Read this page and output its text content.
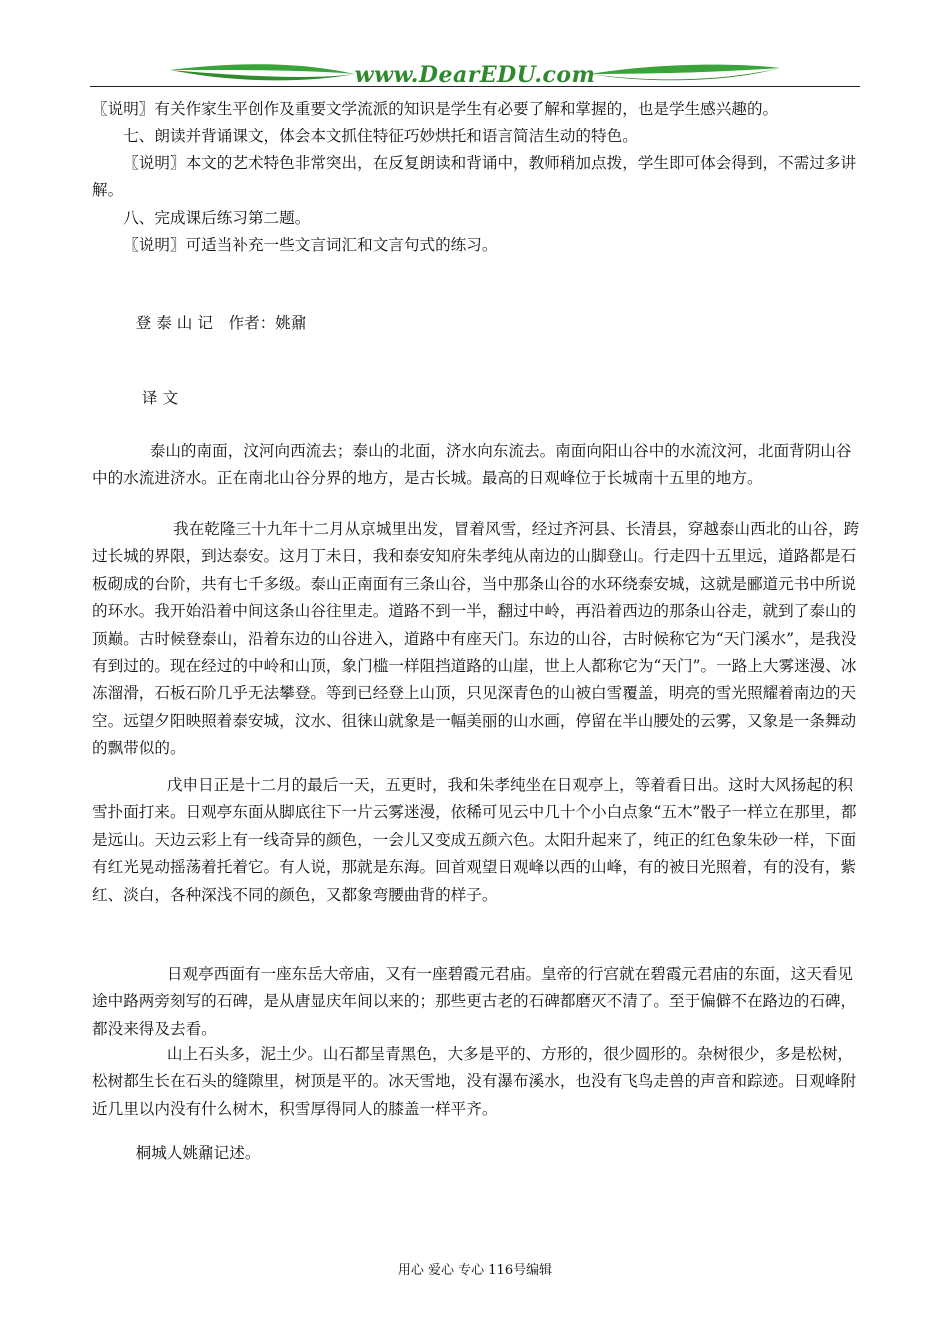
www.DearEDU.com

〖说明〗有关作家生平创作及重要文学流派的知识是学生有必要了解和掌握的，也是学生感兴趣的。

七、朗读并背诵课文，体会本文抓住特征巧妙烘托和语言简洁生动的特色。

〖说明〗本文的艺术特色非常突出，在反复朗读和背诵中，教师稍加点拨，学生即可体会得到，不需过多讲解。

八、完成课后练习第二题。

〖说明〗可适当补充一些文言词汇和文言句式的练习。

登 泰 山 记　作者：姚鼐

译 文

泰山的南面，汶河向西流去；泰山的北面，济水向东流去。南面向阳山谷中的水流汶河，北面背阴山谷中的水流进济水。正在南北山谷分界的地方，是古长城。最高的日观峰位于长城南十五里的地方。

我在乾隆三十九年十二月从京城里出发，冒着风雪，经过齐河县、长清县，穿越泰山西北的山谷，跨过长城的界限，到达泰安。这月丁未日，我和泰安知府朱孝纯从南边的山脚登山。行走四十五里远，道路都是石板砌成的台阶，共有七千多级。泰山正南面有三条山谷，当中那条山谷的水环绕泰安城，这就是郦道元书中所说的环水。我开始沿着中间这条山谷往里走。道路不到一半，翻过中岭，再沿着西边的那条山谷走，就到了泰山的顶巅。古时候登泰山，沿着东边的山谷进入，道路中有座天门。东边的山谷，古时候称它为“天门溪水”，是我没有到过的。现在经过的中岭和山顶，象门槛一样阻挡道路的山崖，世上人都称它为“天门”。一路上大雾迷漫、冰冻溜滑，石板石阶几乎无法攀登。等到已经登上山顶，只见深青色的山被白雪覆盖，明亮的雪光照耀着南边的天空。远望夕阳映照着泰安城，汶水、徂徕山就象是一幅美丽的山水画，停留在半山腰处的云雾，又象是一条舞动的飘带似的。

戊申日正是十二月的最后一天，五更时，我和朱孝纯坐在日观亭上，等着看日出。这时大风扬起的积雪扑面打来。日观亭东面从脚底往下一片云雾迷漫，依稀可见云中几十个小白点象“五木”骰子一样立在那里，都是远山。天边云彩上有一线奇异的颜色，一会儿又变成五颜六色。太阳升起来了，纯正的红色象朱砂一样，下面有红光晃动摇荡着托着它。有人说，那就是东海。回首观望日观峰以西的山峰，有的被日光照着，有的没有，紫红、淡白，各种深浅不同的颜色，又都象弯腰曲背的样子。

日观亭西面有一座东岳大帝庙，又有一座碧霞元君庙。皇帝的行宫就在碧霞元君庙的东面，这天看见途中路两旁刻写的石碑，是从唐显庆年间以来的；那些更古老的石碑都磨灭不清了。至于偏僻不在路边的石碑，都没来得及去看。

山上石头多，泥土少。山石都呈青黑色，大多是平的、方形的，很少圆形的。杂树很少，多是松树，松树都生长在石头的缝隙里，树顶是平的。冰天雪地，没有瀑布溪水，也没有飞鸟走兽的声音和踪迹。日观峰附近几里以内没有什么树木，积雪厚得同人的膝盖一样平齐。

桐城人姚鼐记述。

用心 爱心 专心 116号编辑
